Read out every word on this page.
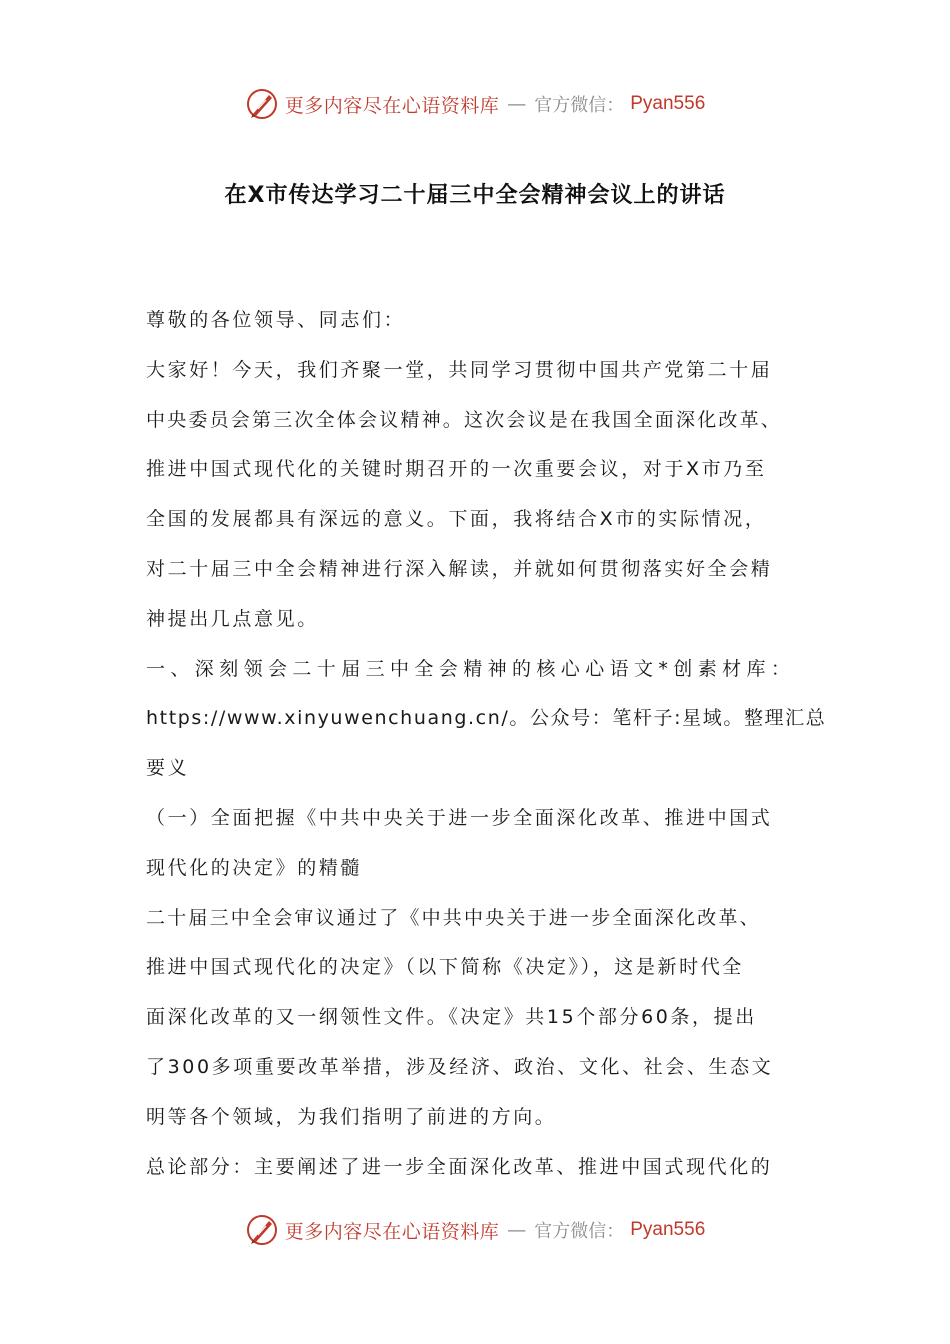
更多内容尽在心语资料库 — 官方微信： Pyan556
在X市传达学习二十届三中全会精神会议上的讲话
尊敬的各位领导、同志们：
大家好！今天，我们齐聚一堂，共同学习贯彻中国共产党第二十届
中央委员会第三次全体会议精神。这次会议是在我国全面深化改革、
推进中国式现代化的关键时期召开的一次重要会议，对于X市乃至
全国的发展都具有深远的意义。下面，我将结合X市的实际情况，
对二十届三中全会精神进行深入解读，并就如何贯彻落实好全会精
神提出几点意见。
一、深刻领会二十届三中全会精神的核心心语文*创素材库：
https://www.xinyuwenchuang.cn/。公众号：笔杆子:星域。整理汇总
要义
（一）全面把握《中共中央关于进一步全面深化改革、推进中国式
现代化的决定》的精髓
二十届三中全会审议通过了《中共中央关于进一步全面深化改革、
推进中国式现代化的决定》（以下简称《决定》），这是新时代全
面深化改革的又一纲领性文件。《决定》共15个部分60条，提出
了300多项重要改革举措，涉及经济、政治、文化、社会、生态文
明等各个领域，为我们指明了前进的方向。
总论部分：主要阐述了进一步全面深化改革、推进中国式现代化的
更多内容尽在心语资料库 — 官方微信： Pyan556
